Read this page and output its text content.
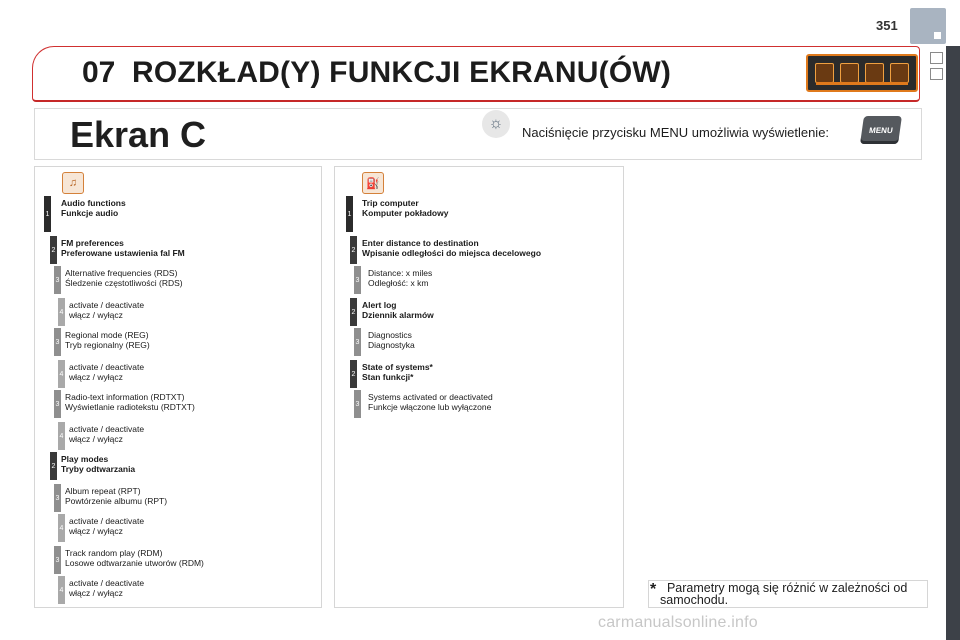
351
07 ROZKŁAD(Y) FUNKCJI EKRANU(ÓW)
Ekran C	☼
Naciśnięcie przycisku MENU umożliwia wyświetlenie:	MENU
♫	⛽
1
Audio functions
Funkcje audio
2
FM preferences
Preferowane ustawienia fal FM
3
Alternative frequencies (RDS)
Śledzenie częstotliwości (RDS)
4
activate / deactivate
włącz / wyłącz
3
Regional mode (REG)
Tryb regionalny (REG)
4
activate / deactivate
włącz / wyłącz
3
Radio-text information (RDTXT)
Wyświetlanie radiotekstu (RDTXT)
4
activate / deactivate
włącz / wyłącz
2
Play modes
Tryby odtwarzania
3
Album repeat (RPT)
Powtórzenie albumu (RPT)
4
activate / deactivate
włącz / wyłącz
3
Track random play (RDM)
Losowe odtwarzanie utworów (RDM)
4
activate / deactivate
włącz / wyłącz
1
Trip computer
Komputer pokładowy
2
Enter distance to destination
Wpisanie odległości do miejsca decelowego
3
Distance: x miles
Odległość: x km
2
Alert log
Dziennik alarmów
3
Diagnostics
Diagnostyka
2
State of systems*
Stan funkcji*
3
Systems activated or deactivated
Funkcje włączone lub wyłączone
* Parametry mogą się różnić w zależności od samochodu.
carmanualsonline.info
